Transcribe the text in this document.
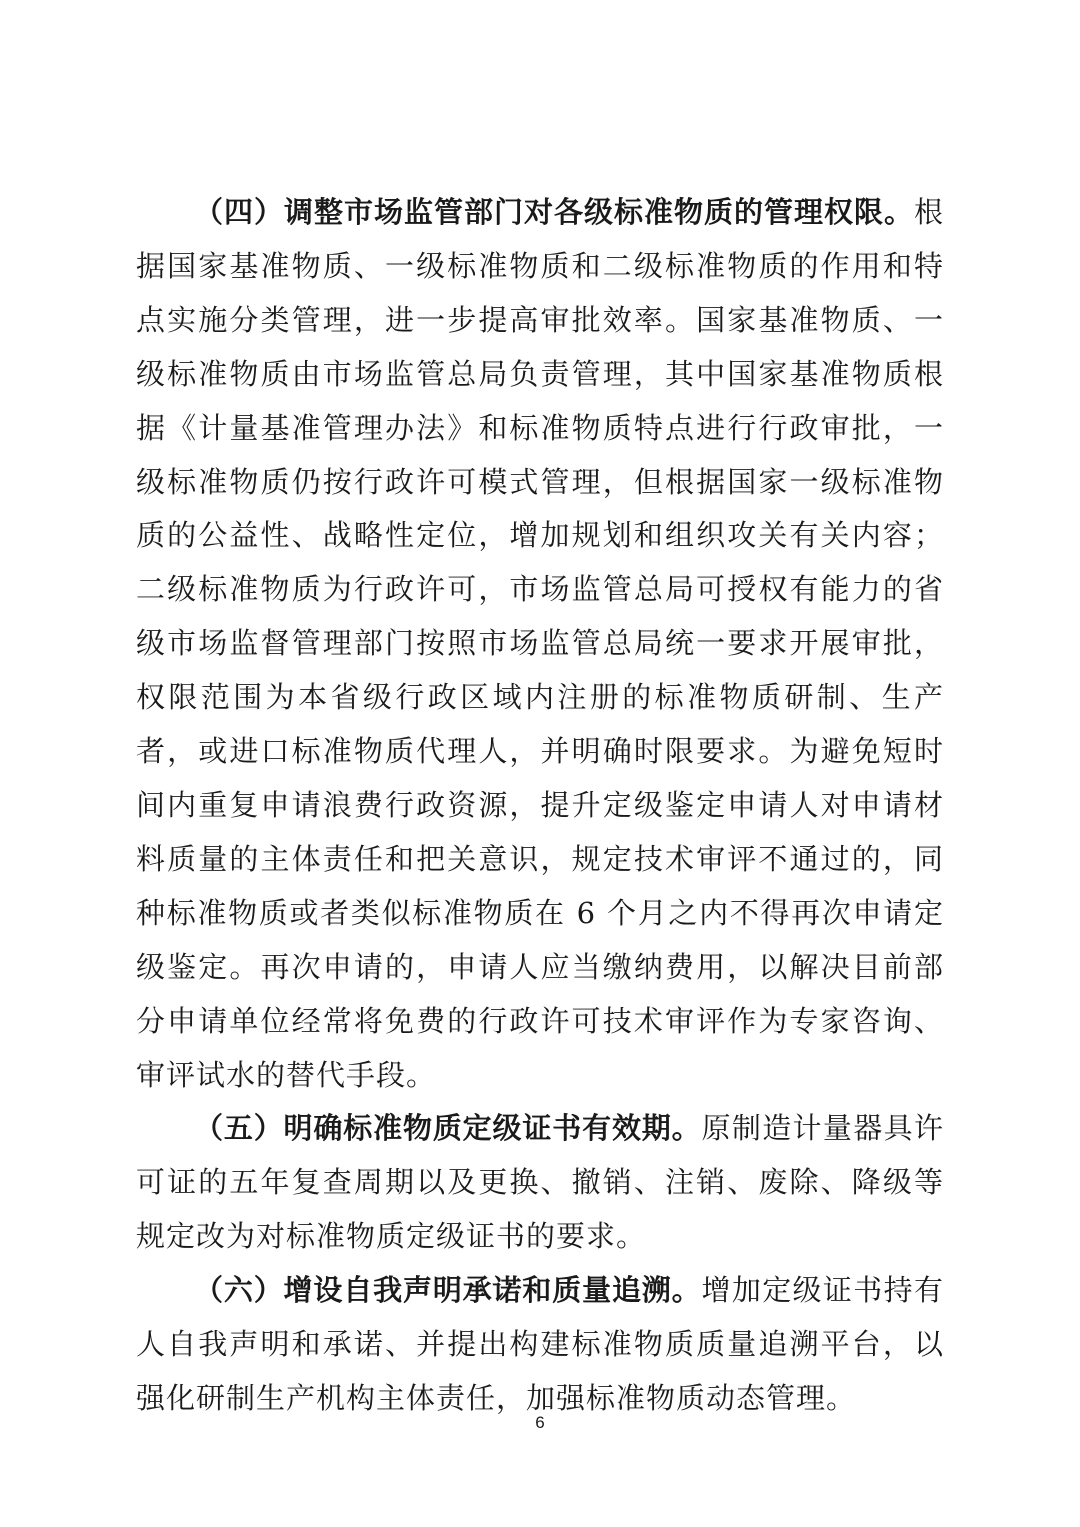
（四）调整市场监管部门对各级标准物质的管理权限。根据国家基准物质、一级标准物质和二级标准物质的作用和特点实施分类管理，进一步提高审批效率。国家基准物质、一级标准物质由市场监管总局负责管理，其中国家基准物质根据《计量基准管理办法》和标准物质特点进行行政审批，一级标准物质仍按行政许可模式管理，但根据国家一级标准物质的公益性、战略性定位，增加规划和组织攻关有关内容；二级标准物质为行政许可，市场监管总局可授权有能力的省级市场监督管理部门按照市场监管总局统一要求开展审批，权限范围为本省级行政区域内注册的标准物质研制、生产者，或进口标准物质代理人，并明确时限要求。为避免短时间内重复申请浪费行政资源，提升定级鉴定申请人对申请材料质量的主体责任和把关意识，规定技术审评不通过的，同种标准物质或者类似标准物质在 6 个月之内不得再次申请定级鉴定。再次申请的，申请人应当缴纳费用，以解决目前部分申请单位经常将免费的行政许可技术审评作为专家咨询、审评试水的替代手段。

（五）明确标准物质定级证书有效期。原制造计量器具许可证的五年复查周期以及更换、撤销、注销、废除、降级等规定改为对标准物质定级证书的要求。

（六）增设自我声明承诺和质量追溯。增加定级证书持有人自我声明和承诺、并提出构建标准物质质量追溯平台，以强化研制生产机构主体责任，加强标准物质动态管理。

6
